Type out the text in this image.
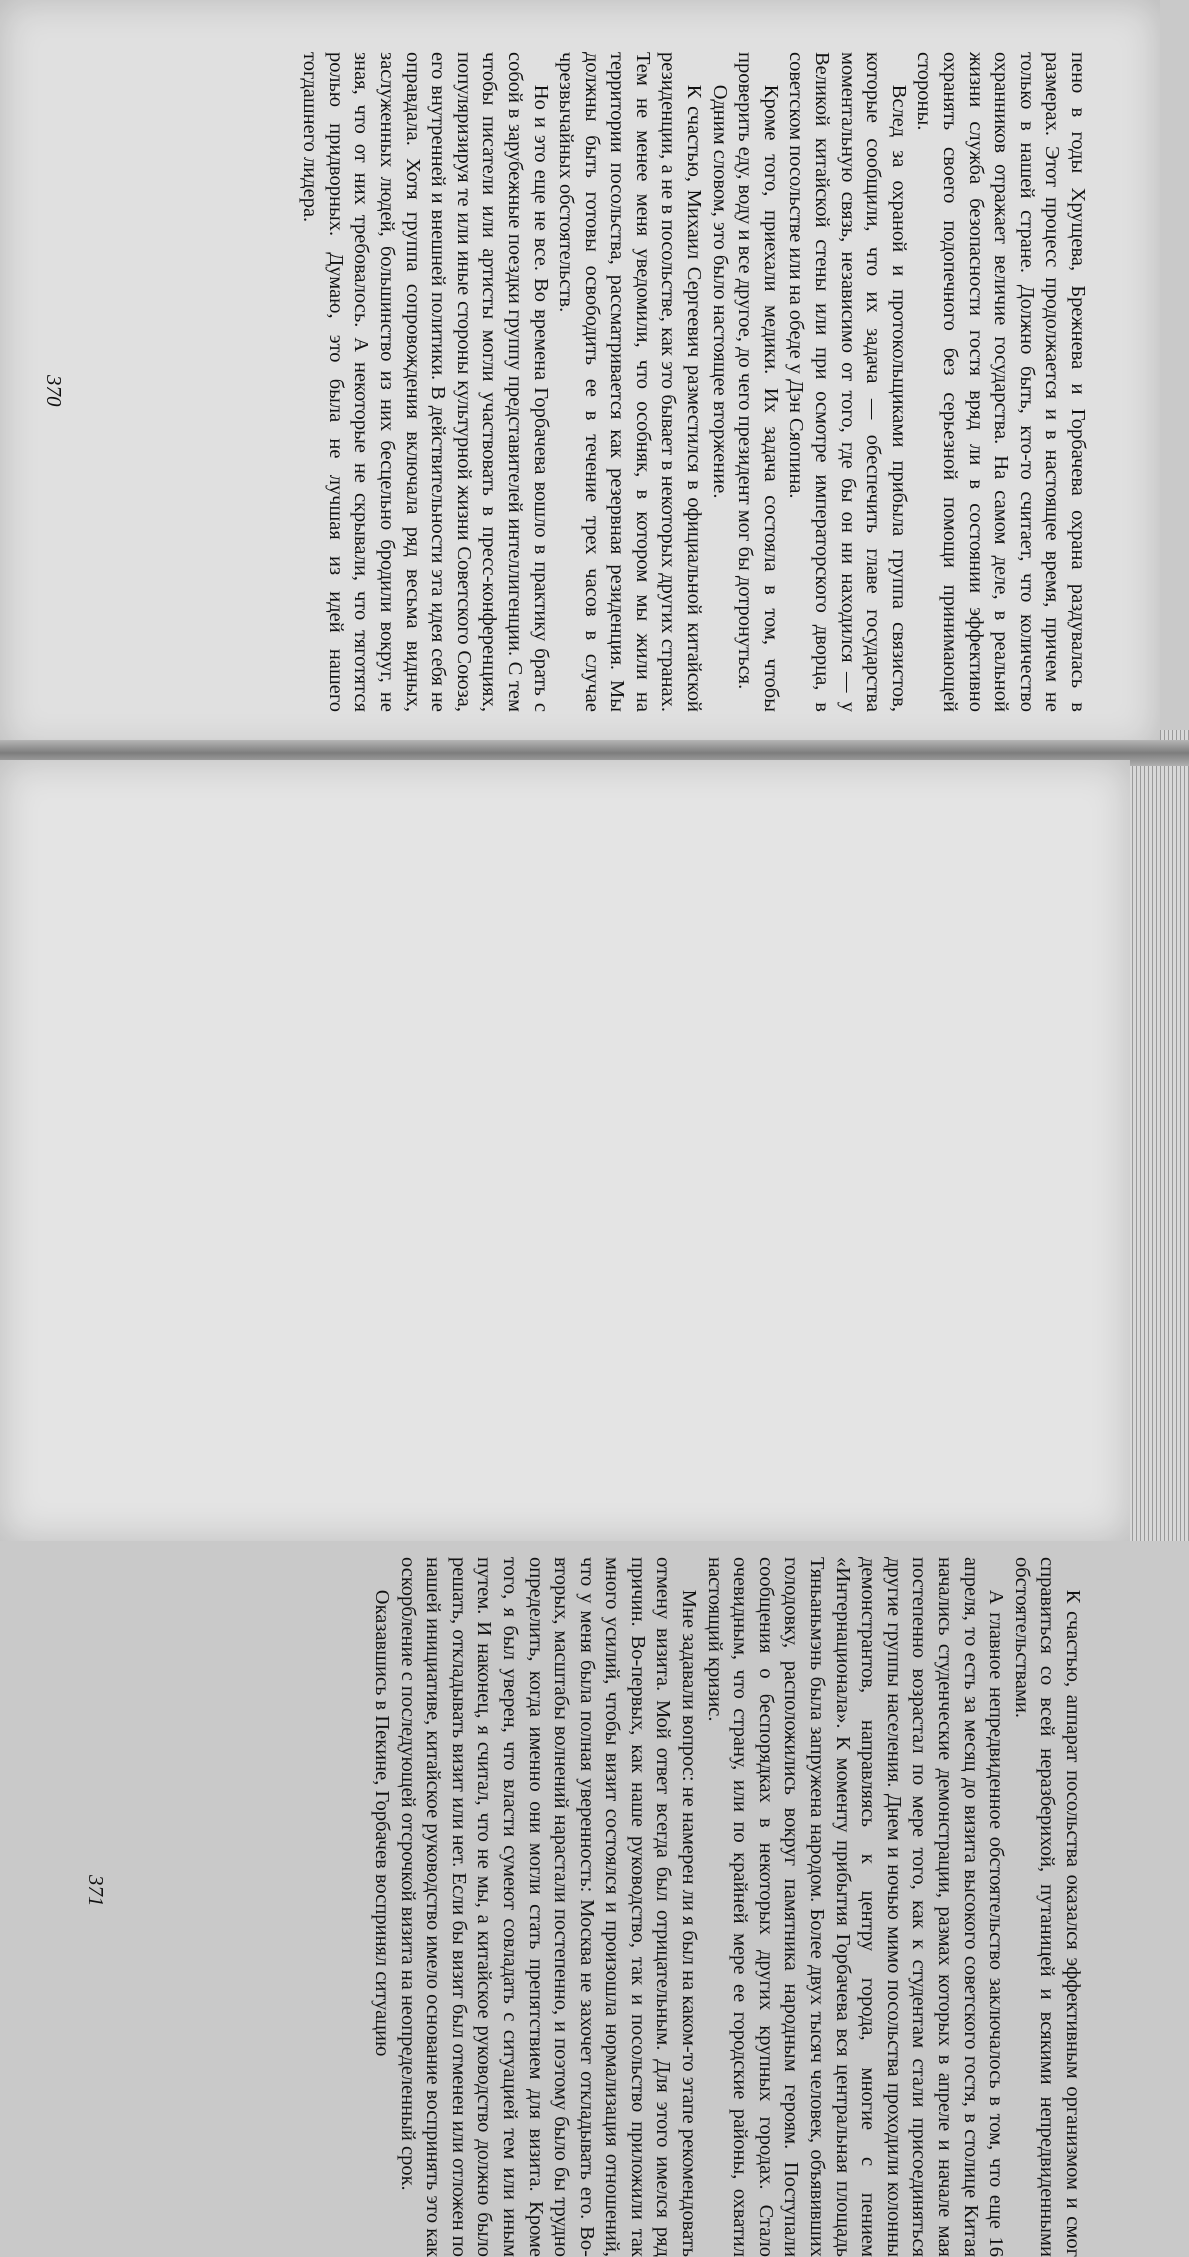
пено в годы Хрущева, Брежнева и Горбачева охрана раздувалась в размерах. Этот процесс продолжается и в настоящее время, причем не только в нашей стране. Должно быть, кто-то считает, что количество охранников отражает величие государства. На самом деле, в реальной жизни служба безопасности гостя вряд ли в состоянии эффективно охранять своего подопечного без серьезной помощи принимающей стороны.

Вслед за охраной и протокольщиками прибыла группа связистов, которые сообщили, что их задача — обеспечить главе государства моментальную связь, независимо от того, где бы он ни находился — у Великой китайской стены или при осмотре императорского дворца, в советском посольстве или на обеде у Дэн Сяопина.

Кроме того, приехали медики. Их задача состояла в том, чтобы проверить еду, воду и все другое, до чего президент мог бы дотронуться.

Одним словом, это было настоящее вторжение.

К счастью, Михаил Сергеевич разместился в официальной китайской резиденции, а не в посольстве, как это бывает в некоторых других странах. Тем не менее меня уведомили, что особняк, в котором мы жили на территории посольства, рассматривается как резервная резиденция. Мы должны быть готовы освободить ее в течение трех часов в случае чрезвычайных обстоятельств.

Но и это еще не все. Во времена Горбачева вошло в практику брать с собой в зарубежные поездки группу представителей интеллигенции. С тем чтобы писатели или артисты могли участвовать в пресс-конференциях, популяризируя те или иные стороны культурной жизни Советского Союза, его внутренней и внешней политики. В действительности эта идея себя не оправдала. Хотя группа сопровождения включала ряд весьма видных, заслуженных людей, большинство из них бесцельно бродили вокруг, не зная, что от них требовалось. А некоторые не скрывали, что тяготятся ролью придворных. Думаю, это была не лучшая из идей нашего тогдашнего лидера.

370

К счастью, аппарат посольства оказался эффективным организмом и смог справиться со всей неразберихой, путаницей и всякими непредвиденными обстоятельствами.

А главное непредвиденное обстоятельство заключалось в том, что еще 16 апреля, то есть за месяц до визита высокого советского гостя, в столице Китая начались студенческие демонстрации, размах которых в апреле и начале мая постепенно возрастал по мере того, как к студентам стали присоединяться другие группы населения. Днем и ночью мимо посольства проходили колонны демонстрантов, направляясь к центру города, многие с пением «Интернационала». К моменту прибытия Горбачева вся центральная площадь Тяньаньмэнь была запружена народом. Более двух тысяч человек, объявивших голодовку, расположились вокруг памятника народным героям. Поступали сообщения о беспорядках в некоторых других крупных городах. Стало очевидным, что страну, или по крайней мере ее городские районы, охватил настоящий кризис.

Мне задавали вопрос: не намерен ли я был на каком-то этапе рекомендовать отмену визита. Мой ответ всегда был отрицательным. Для этого имелся ряд причин. Во-первых, как наше руководство, так и посольство приложили так много усилий, чтобы визит состоялся и произошла нормализация отношений, что у меня была полная уверенность: Москва не захочет откладывать его. Во-вторых, масштабы волнений нарастали постепенно, и поэтому было бы трудно определить, когда именно они могли стать препятствием для визита. Кроме того, я был уверен, что власти сумеют совладать с ситуацией тем или иным путем. И наконец, я считал, что не мы, а китайское руководство должно было решать, откладывать визит или нет. Если бы визит был отменен или отложен по нашей инициативе, китайское руководство имело основание воспринять это как оскорбление с последующей отсрочкой визита на неопределенный срок.

Оказавшись в Пекине, Горбачев воспринял ситуацию

371
